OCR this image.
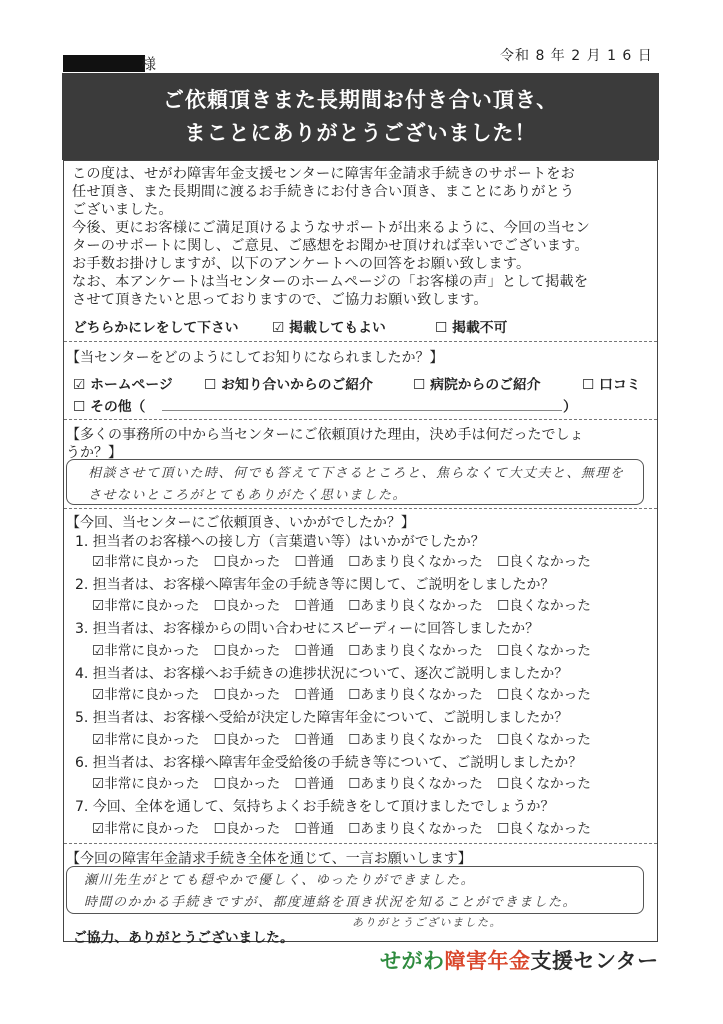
様	令和 8 年 2 月 1 6 日
ご依頼頂きまた長期間お付き合い頂き、
まことにありがとうございました！
この度は、せがわ障害年金支援センターに障害年金請求手続きのサポートをお
任せ頂き、また長期間に渡るお手続きにお付き合い頂き、まことにありがとう
ございました。
今後、更にお客様にご満足頂けるようなサポートが出来るように、今回の当セン
ターのサポートに関し、ご意見、ご感想をお聞かせ頂ければ幸いでございます。
お手数お掛けしますが、以下のアンケートへの回答をお願い致します。
なお、本アンケートは当センターのホームページの「お客様の声」として掲載を
させて頂きたいと思っておりますので、ご協力お願い致します。
どちらかにレをして下さい ☑ 掲載してもよい	☐ 掲載不可
【当センターをどのようにしてお知りになられましたか？】
☑ ホームページ ☐ お知り合いからのご紹介	☐ 病院からのご紹介	☐ 口コミ
☐ その他（	）
【多くの事務所の中から当センターにご依頼頂けた理由，決め手は何だったでしょ
うか？】
相談させて頂いた時、何でも答えて下さるところと、焦らなくて大丈夫と、無理を
させないところがとてもありがたく思いました。
【今回、当センターにご依頼頂き、いかがでしたか？】
1. 担当者のお客様への接し方（言葉遣い等）はいかがでしたか？
☑非常に良かった ☐良かった ☐普通 ☐あまり良くなかった ☐良くなかった
2. 担当者は、お客様へ障害年金の手続き等に関して、ご説明をしましたか？
☑非常に良かった ☐良かった ☐普通 ☐あまり良くなかった ☐良くなかった
3. 担当者は、お客様からの問い合わせにスピーディーに回答しましたか？
☑非常に良かった ☐良かった ☐普通 ☐あまり良くなかった ☐良くなかった
4. 担当者は、お客様へお手続きの進捗状況について、逐次ご説明しましたか？
☑非常に良かった ☐良かった ☐普通 ☐あまり良くなかった ☐良くなかった
5. 担当者は、お客様へ受給が決定した障害年金について、ご説明しましたか？
☑非常に良かった ☐良かった ☐普通 ☐あまり良くなかった ☐良くなかった
6. 担当者は、お客様へ障害年金受給後の手続き等について、ご説明しましたか？
☑非常に良かった ☐良かった ☐普通 ☐あまり良くなかった ☐良くなかった
7. 今回、全体を通して、気持ちよくお手続きをして頂けましたでしょうか？
☑非常に良かった ☐良かった ☐普通 ☐あまり良くなかった ☐良くなかった
【今回の障害年金請求手続き全体を通じて、一言お願いします】
瀬川先生がとても穏やかで優しく、ゆったりができました。
時間のかかる手続きですが、都度連絡を頂き状況を知ることができました。
ありがとうございました。
ご協力、ありがとうございました。
せがわ障害年金支援センター
